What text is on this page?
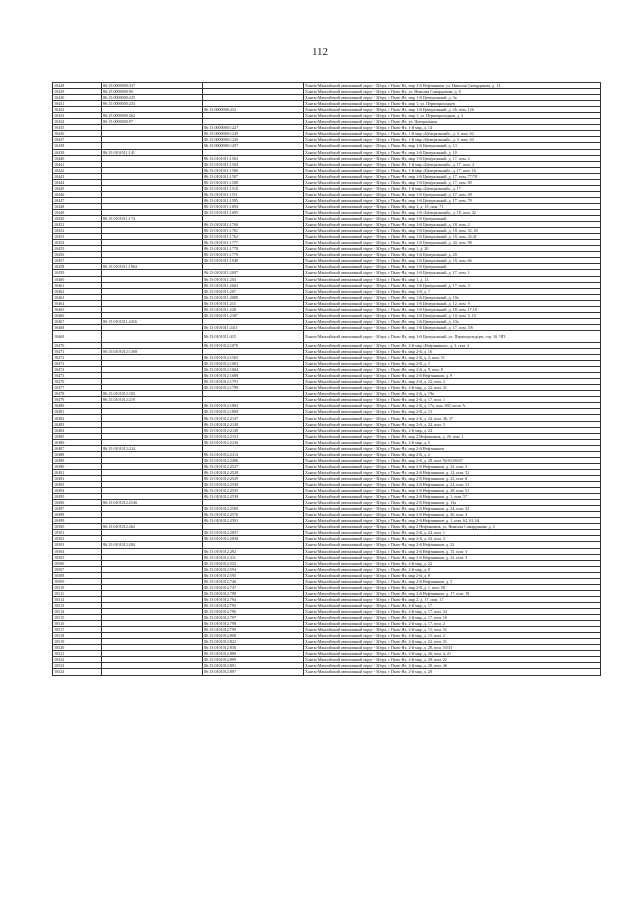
112
10428	86:15:0000000:337		Ханты-Мансийский автономный округ - Югра, г Пыть-Ях, мкр 2-й Нефтяников, ул. Николая Самардакова, д. 14
10429	86:15:0000000:90		Ханты-Мансийский автономный округ - Югра, г Пыть-Ях, ул. Николая Самардакова, д. 8
10430	86:15:0000000:225		Ханты-Мансийский автономный округ - Югра, г Пыть-Ях, мкр 1-й Центральный, д. 3а
10431	86:15:0000000:233		Ханты-Мансийский автономный округ - Югра, г Пыть-Ях, мкр 1, ул. Первопроходцев
10432		86:15:0000000:252	Ханты-Мансийский автономный округ - Югра, г Пыть-Ях, мкр 1-й Центральный, д. 26, пом. 126
10433	86:15:0000000:262		Ханты-Мансийский автономный округ - Югра, г Пыть-Ях, мкр 1, ул. Первопроходцев, д. 3
10434	86:15:0000000:97		Ханты-Мансийский автономный округ - Югра, г Пыть-Ях, ул. Центральная
10435		86:15:0000000:1227	Ханты-Мансийский автономный округ - Югра, г Пыть-Ях, 1-й мкр, д. 14
10436		86:15:0000000:1229	Ханты-Мансийский автономный округ - Югра, г Пыть-Ях, 1-й мкр «Центральный», д. 3, пом. 62
10437		86:15:0000000:1230	Ханты-Мансийский автономный округ - Югра, г Пыть-Ях, 1-й мкр «Центральный», д. 3, пом. 63
10438		86:15:0000000:1297	Ханты-Мансийский автономный округ - Югра, г Пыть-Ях, мкр 1-й Центральный, д. 13
10439	86:15:0101011:141		Ханты-Мансийский автономный округ - Югра, г Пыть-Ях, мкр 1-й Центральный, д. 10
10440		86:15:0101011:1503	Ханты-Мансийский автономный округ - Югра, г Пыть-Ях, мкр 1-й Центральный, д. 17, пом. 2
10441		86:15:0101011:1504	Ханты-Мансийский автономный округ - Югра, г Пыть-Ях, 1-й мкр «Центральный», д. 17, пом. 4
10442		86:15:0101011:1506	Ханты-Мансийский автономный округ - Югра, г Пыть-Ях, 1-й мкр «Центральный», д. 17, пом. 16
10443		86:15:0101011:1507	Ханты-Мансийский автономный округ - Югра, г Пыть-Ях, мкр 1-й Центральный, д. 17, пом. 77/78
10444		86:15:0101011:1508	Ханты-Мансийский автономный округ - Югра, г Пыть-Ях, мкр 1-й Центральный, д. 17, пом. 80
10445		86:15:0101011:1510	Ханты-Мансийский автономный округ - Югра, г Пыть-Ях, 1-й мкр «Центральный», д. 17
10446		86:15:0101011:1511	Ханты-Мансийский автономный округ - Югра, г Пыть-Ях, мкр 1-й Центральный, д. 17, пом. 49
10447		86:15:0101011:1585	Ханты-Мансийский автономный округ - Югра, г Пыть-Ях, мкр 1-й Центральный, д. 17, пом. 79
10448		86:15:0101011:1694	Ханты-Мансийский автономный округ - Югра, г Пыть-Ях, мкр 1, д. 15, пом. 71
10449		86:15:0101011:1695	Ханты-Мансийский автономный округ - Югра, г Пыть-Ях, мкр 1-й «Центральный», д. 18, пом. 42
10450	86:15:0101011:174		Ханты-Мансийский автономный округ - Югра, г Пыть-Ях, мкр 1-й Центральный
10451		86:15:0101011:1760	Ханты-Мансийский автономный округ - Югра, г Пыть-Ях, мкр 1-й Центральный, д. 18, пом. 2
10452		86:15:0101011:1761	Ханты-Мансийский автономный округ - Югра, г Пыть-Ях, мкр 1-й Центральный, д. 18, пом. 52, 65
10453		86:15:0101011:1762	Ханты-Мансийский автономный округ - Югра, г Пыть-Ях, мкр 1-й Центральный, д. 18, пом. 32,41
10454		86:15:0101011:1777	Ханты-Мансийский автономный округ - Югра, г Пыть-Ях, мкр 1-й Центральный, д. 20, пом. 98
10455		86:15:0101011:1778	Ханты-Мансийский автономный округ - Югра, г Пыть-Ях, мкр 1, д. 20
10456		86:15:0101011:1779	Ханты-Мансийский автономный округ - Югра, г Пыть-Ях, мкр 1-й Центральный, д. 20
10457		86:15:0101011:1948	Ханты-Мансийский автономный округ - Югра, г Пыть-Ях, мкр 1-й Центральный, д. 18, пом. 66
10458	86:15:0101011:1964		Ханты-Мансийский автономный округ - Югра, г Пыть-Ях, мкр 1-й Центральный
10459		86:15:0101011:2007	Ханты-Мансийский автономный округ - Югра, г Пыть-Ях, мкр 1-й Центральный, д. 17, пом. 1
10460		86:15:0101011:204	Ханты-Мансийский автономный округ - Югра, г Пыть-Ях, мкр 1, д. 13
10461		86:15:0101011:2063	Ханты-Мансийский автономный округ - Югра, г Пыть-Ях, мкр 1-й Центральный, д. 17, пом. 3
10462		86:15:0101011:207	Ханты-Мансийский автономный округ - Югра, г Пыть-Ях, мкр 1-й, д. 7
10463		86:15:0101011:2080	Ханты-Мансийский автономный округ - Югра, г Пыть-Ях, мкр 1-й Центральный, д. 10а
10464		86:15:0101011:215	Ханты-Мансийский автономный округ - Югра, г Пыть-Ях, мкр 1-й Центральный, д. 12, пом. 9
10465		86:15:0101011:228	Ханты-Мансийский автономный округ - Югра, г Пыть-Ях, мкр 1-й Центральный, д. 18, пом. 17,18
10466		86:15:0101011:2307	Ханты-Мансийский автономный округ - Югра, г Пыть-Ях, мкр 1-й Центральный, д. 10, пом. 5, 10
10467	86:15:0101011:2416		Ханты-Мансийский автономный округ - Югра, г Пыть-Ях, мкр 1-й Центральный, д. 23а
10468		86:15:0101011:2411	Ханты-Мансийский автономный округ - Югра, г Пыть-Ях, мкр 1-й Центральный, д. 17, пом. 5/6
10469		86:15:0101011:415	Ханты-Мансийский автономный округ - Югра, г Пыть-Ях, мкр 1-й Центральный, ул. Первопроходцев, стр. 16, ЧП
10470		86:15:0101012:1070	Ханты-Мансийский автономный округ - Югра, г Пыть-Ях, 2-й мкр «Нефтяников», д. 2, пом. 2
10471	86:15:0101012:1308		Ханты-Мансийский автономный округ - Югра, г Пыть-Ях, мкр 2-й, д. 16
10472		86:15:0101012:1565	Ханты-Мансийский автономный округ - Югра, г Пыть-Ях, мкр 2-й, д. 2, пом. 51
10473		86:15:0101012:1681	Ханты-Мансийский автономный округ - Югра, г Пыть-Ях, мкр 2-й, д. 5
10474		86:15:0101012:1684	Ханты-Мансийский автономный округ - Югра, г Пыть-Ях, мкр 2-й, д. 9, пом. 8
10475		86:15:0101012:1688	Ханты-Мансийский автономный округ - Югра, г Пыть-Ях, мкр 2-й Нефтяников, д. 9
10476		86:15:0101012:1791	Ханты-Мансийский автономный округ - Югра, г Пыть-Ях, мкр 2-й, д. 22, пом. 2
10477		86:15:0101012:1799	Ханты-Мансийский автономный округ - Югра, г Пыть-Ях, 2-й мкр, д. 22, пом. 21
10478	86:15:0101012:183		Ханты-Мансийский автономный округ - Югра, г Пыть-Ях, мкр 2-й, д. 19а
10479	86:15:0101012:219		Ханты-Мансийский автономный округ - Югра, г Пыть-Ях, мкр 2-й, д. 17, пом. 1
10480		86:15:0101012:1863	Ханты-Мансийский автономный округ - Югра, г Пыть-Ях, мкр 2-й, д. 17а, пом. 802 часть А
10481		86:15:0101012:1869	Ханты-Мансийский автономный округ - Югра, г Пыть-Ях, мкр 2-й, д. 13
10482		86:15:0101012:2147	Ханты-Мансийский автономный округ - Югра, г Пыть-Ях, мкр 2-й, д. 24, пом. 36, 37
10483		86:15:0101012:2148	Ханты-Мансийский автономный округ - Югра, г Пыть-Ях, мкр 2-й, д. 24, пом. 2
10484		86:15:0101012:2149	Ханты-Мансийский автономный округ - Югра, г Пыть-Ях, 2-й мкр, д. 24
10485		86:15:0101012:2153	Ханты-Мансийский автономный округ - Югра, г Пыть-Ях, мкр 2 Нефтяников, д. 26, пом. 1
10486		86:15:0101012:2236	Ханты-Мансийский автономный округ - Югра, г Пыть-Ях, 2-й мкр, д. 5
10487	86:15:0101012:224		Ханты-Мансийский автономный округ - Югра, г Пыть-Ях, мкр 2-й Нефтяников
10488		86:15:0101012:2313	Ханты-Мансийский автономный округ - Югра, г Пыть-Ях, мкр 2-й, д. 2
10489		86:15:0101012:2496	Ханты-Мансийский автономный округ - Югра, г Пыть-Ях, мкр 2-й, д. 28, пом. 92-65,66,67
10490		86:15:0101012:2527	Ханты-Мансийский автономный округ - Югра, г Пыть-Ях, мкр 2-й Нефтяников, д. 22, пом. 3
10491		86:15:0101012:2528	Ханты-Мансийский автономный округ - Югра, г Пыть-Ях, мкр 2-й Нефтяников, д. 12, пом. 52
10492		86:15:0101012:2529	Ханты-Мансийский автономный округ - Югра, г Пыть-Ях, мкр 2-й Нефтяников, д. 22, пом. 8
10493		86:15:0101012:2530	Ханты-Мансийский автономный округ - Югра, г Пыть-Ях, мкр 2-й Нефтяников, д. 22, пом. 21
10494		86:15:0101012:2535	Ханты-Мансийский автономный округ - Югра, г Пыть-Ях, мкр 2-й Нефтяников, д. 28, пом. 51
10495		86:15:0101012:2538	Ханты-Мансийский автономный округ - Югра, г Пыть-Ях, мкр 2-й Нефтяников, д. 1, пом. 57
10496	86:15:0101012:2546		Ханты-Мансийский автономный округ - Югра, г Пыть-Ях, мкр 2-й Нефтяников, д. 13а
10497		86:15:0101012:2569	Ханты-Мансийский автономный округ - Югра, г Пыть-Ях, мкр 2-й Нефтяников, д. 24, пом. 52
10498		86:15:0101012:2576	Ханты-Мансийский автономный округ - Югра, г Пыть-Ях, мкр 2-й Нефтяников, д. 26, пом. 3
10499		86:15:0101012:2581	Ханты-Мансийский автономный округ - Югра, г Пыть-Ях, мкр 2-й Нефтяников, д. 1, пом. 62, 63, 64
10500	86:15:0101012:262		Ханты-Мансийский автономный округ - Югра, г Пыть-Ях, мкр 2 Нефтяников, ул. Николая Самардакова, д. 3
10501		86:15:0101012:2837	Ханты-Мансийский автономный округ - Югра, г Пыть-Ях, мкр 2-й, д. 24, пом. 1
10502		86:15:0101012:2838	Ханты-Мансийский автономный округ - Югра, г Пыть-Ях, мкр 2-й, д. 24, пом. 3
10503	86:15:0101012:284		Ханты-Мансийский автономный округ - Югра, г Пыть-Ях, мкр 2-й Нефтяников, д. 23
10504		86:15:0101012:292	Ханты-Мансийский автономный округ - Югра, г Пыть-Ях, мкр 2-й Нефтяников, д. 15, пом. 3
10505		86:15:0101012:311	Ханты-Мансийский автономный округ - Югра, г Пыть-Ях, мкр 2-й Нефтяников, д. 22, пом. 3
10506		86:15:0101012:552	Ханты-Мансийский автономный округ - Югра, г Пыть-Ях, 2-й мкр, д. 22
10507		86:15:0101012:594	Ханты-Мансийский автономный округ - Югра, г Пыть-Ях, 2-й мкр, д. 8
10508		86:15:0101012:595	Ханты-Мансийский автономный округ - Югра, г Пыть-Ях, мкр 2-й, д. 8
10509		86:15:0101012:746	Ханты-Мансийский автономный округ - Югра, г Пыть-Ях, мкр 2-й Нефтяников, д. 5
10510		86:15:0101012:747	Ханты-Мансийский автономный округ - Югра, г Пыть-Ях, мкр 2-й, д. 1, пом. 58
10511		86:15:0101012:788	Ханты-Мансийский автономный округ - Югра, г Пыть-Ях, мкр 2-й Нефтяников, д. 17, пом. 18
10512		86:15:0101012:794	Ханты-Мансийский автономный округ - Югра, г Пыть-Ях, мкр 2, д. 17, пом. 17
10513		86:15:0101012:795	Ханты-Мансийский автономный округ - Югра, г Пыть-Ях, 2-й мкр, д. 17
10514		86:15:0101012:796	Ханты-Мансийский автономный округ - Югра, г Пыть-Ях, 2-й мкр, д. 17, пом. 33
10515		86:15:0101012:797	Ханты-Мансийский автономный округ - Югра, г Пыть-Ях, 2-й мкр, д. 17, пом. 16
10516		86:15:0101012:798	Ханты-Мансийский автономный округ - Югра, г Пыть-Ях, 2-й мкр, д. 17, пом. 2
10517		86:15:0101012:799	Ханты-Мансийский автономный округ - Югра, г Пыть-Ях, 2-й мкр, д. 15, пом. 31
10518		86:15:0101012:808	Ханты-Мансийский автономный округ - Югра, г Пыть-Ях, 2-й мкр, д. 15, пом. 2
10519		86:15:0101012:822	Ханты-Мансийский автономный округ - Югра, г Пыть-Ях, 2-й мкр, д. 22, пом. 31
10520		86:15:0101012:836	Ханты-Мансийский автономный округ - Югра, г Пыть-Ях, 2-й мкр, д. 28, пом. 53/53
10521		86:15:0101012:880	Ханты-Мансийский автономный округ - Югра, г Пыть-Ях, 2-й мкр, д. 26, пом. 4, 21
10522		86:15:0101012:889	Ханты-Мансийский автономный округ - Югра, г Пыть-Ях, 2-й мкр, д. 28, пом. 22
10523		86:15:0101012:891	Ханты-Мансийский автономный округ - Югра, г Пыть-Ях, 2-й мкр, д. 28, пом. 26
10524		86:15:0101012:897	Ханты-Мансийский автономный округ - Югра, г Пыть-Ях, 2-й мкр, д. 28
